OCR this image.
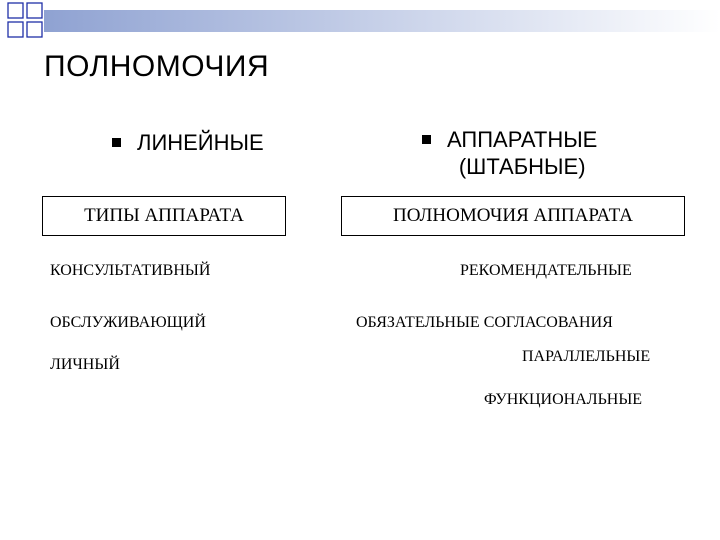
ПОЛНОМОЧИЯ
ЛИНЕЙНЫЕ	АППАРАТНЫЕ
(ШТАБНЫЕ)
ТИПЫ АППАРАТА	ПОЛНОМОЧИЯ АППАРАТА
КОНСУЛЬТАТИВНЫЙ
ОБСЛУЖИВАЮЩИЙ
ЛИЧНЫЙ
РЕКОМЕНДАТЕЛЬНЫЕ
ОБЯЗАТЕЛЬНЫЕ СОГЛАСОВАНИЯ
ПАРАЛЛЕЛЬНЫЕ
ФУНКЦИОНАЛЬНЫЕ
